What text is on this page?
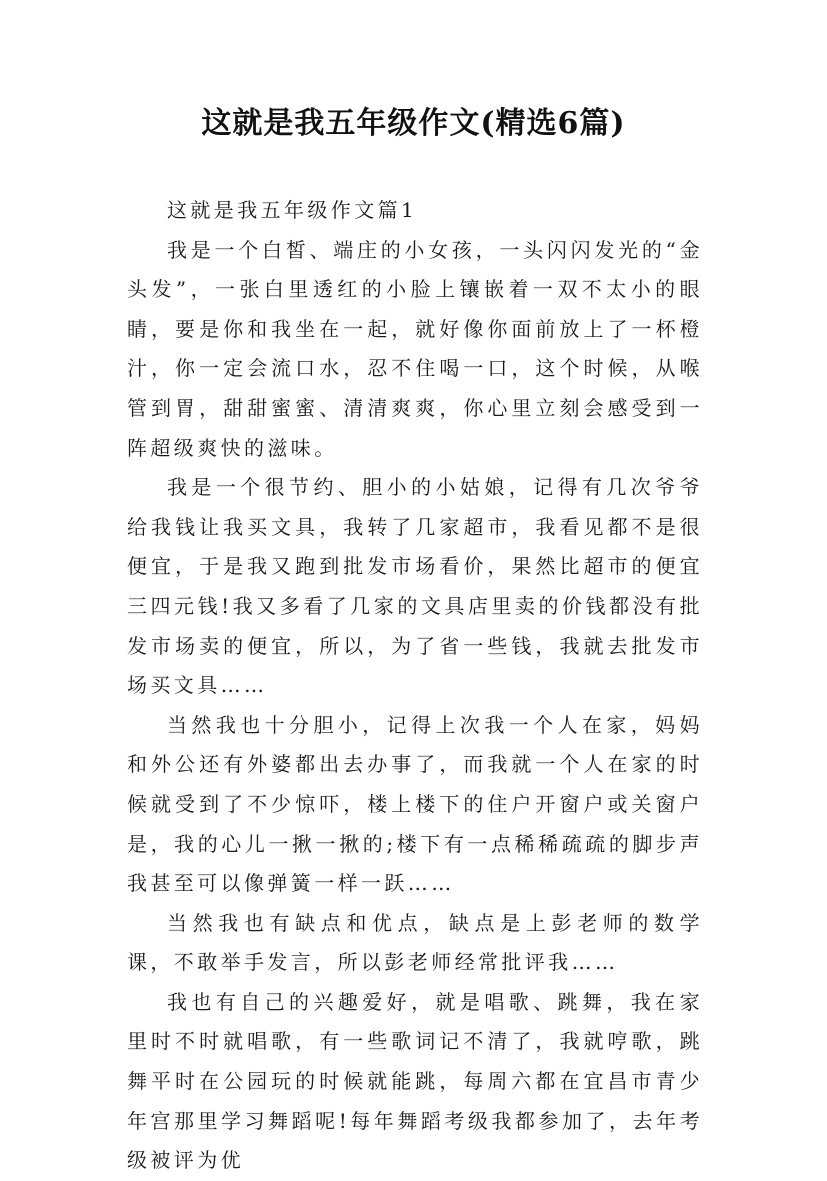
这就是我五年级作文(精选6篇)

这就是我五年级作文篇1

我是一个白皙、端庄的小女孩，一头闪闪发光的“金头发”，一张白里透红的小脸上镶嵌着一双不太小的眼睛，要是你和我坐在一起，就好像你面前放上了一杯橙汁，你一定会流口水，忍不住喝一口，这个时候，从喉管到胃，甜甜蜜蜜、清清爽爽，你心里立刻会感受到一阵超级爽快的滋味。

我是一个很节约、胆小的小姑娘，记得有几次爷爷给我钱让我买文具，我转了几家超市，我看见都不是很便宜，于是我又跑到批发市场看价，果然比超市的便宜三四元钱!我又多看了几家的文具店里卖的价钱都没有批发市场卖的便宜，所以，为了省一些钱，我就去批发市场买文具……

当然我也十分胆小，记得上次我一个人在家，妈妈和外公还有外婆都出去办事了，而我就一个人在家的时候就受到了不少惊吓，楼上楼下的住户开窗户或关窗户是，我的心儿一揪一揪的;楼下有一点稀稀疏疏的脚步声我甚至可以像弹簧一样一跃……

当然我也有缺点和优点，缺点是上彭老师的数学课，不敢举手发言，所以彭老师经常批评我……

我也有自己的兴趣爱好，就是唱歌、跳舞，我在家里时不时就唱歌，有一些歌词记不清了，我就哼歌，跳舞平时在公园玩的时候就能跳，每周六都在宜昌市青少年宫那里学习舞蹈呢!每年舞蹈考级我都参加了，去年考级被评为优
